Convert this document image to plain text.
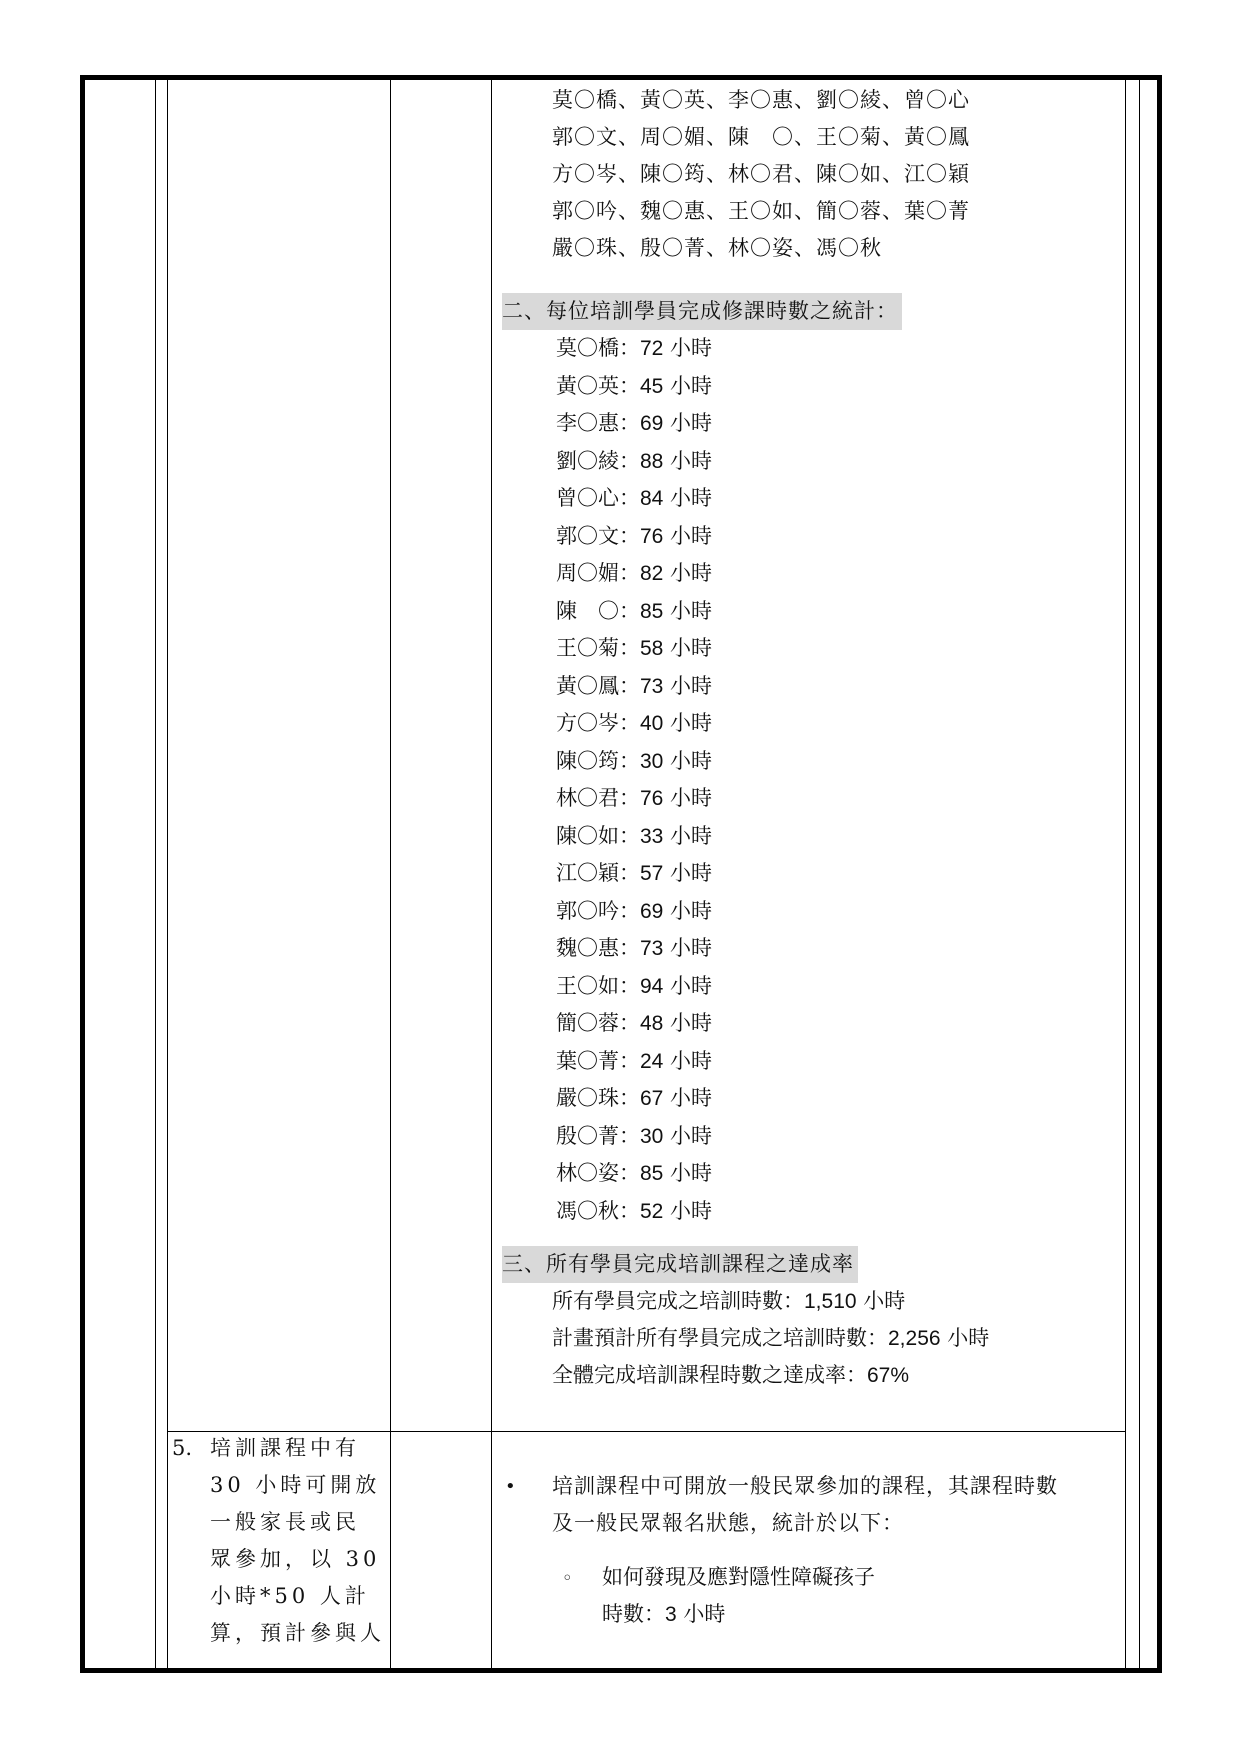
莫〇橋、黃〇英、李〇惠、劉〇綾、曾〇心
郭〇文、周〇媚、陳　〇、王〇菊、黃〇鳳
方〇岑、陳〇筠、林〇君、陳〇如、江〇穎
郭〇吟、魏〇惠、王〇如、簡〇蓉、葉〇菁
嚴〇珠、殷〇菁、林〇姿、馮〇秋
二、每位培訓學員完成修課時數之統計：
莫〇橋：72 小時
黃〇英：45 小時
李〇惠：69 小時
劉〇綾：88 小時
曾〇心：84 小時
郭〇文：76 小時
周〇媚：82 小時
陳　〇：85 小時
王〇菊：58 小時
黃〇鳳：73 小時
方〇岑：40 小時
陳〇筠：30 小時
林〇君：76 小時
陳〇如：33 小時
江〇穎：57 小時
郭〇吟：69 小時
魏〇惠：73 小時
王〇如：94 小時
簡〇蓉：48 小時
葉〇菁：24 小時
嚴〇珠：67 小時
殷〇菁：30 小時
林〇姿：85 小時
馮〇秋：52 小時
三、所有學員完成培訓課程之達成率
所有學員完成之培訓時數：1,510 小時
計畫預計所有學員完成之培訓時數：2,256 小時
全體完成培訓課程時數之達成率：67%
5. 培訓課程中有
30 小時可開放
一般家長或民
眾參加，以 30
小時*50 人計
算，預計參與人
• 培訓課程中可開放一般民眾參加的課程，其課程時數
及一般民眾報名狀態，統計於以下：
◦ 如何發現及應對隱性障礙孩子
時數：3 小時
